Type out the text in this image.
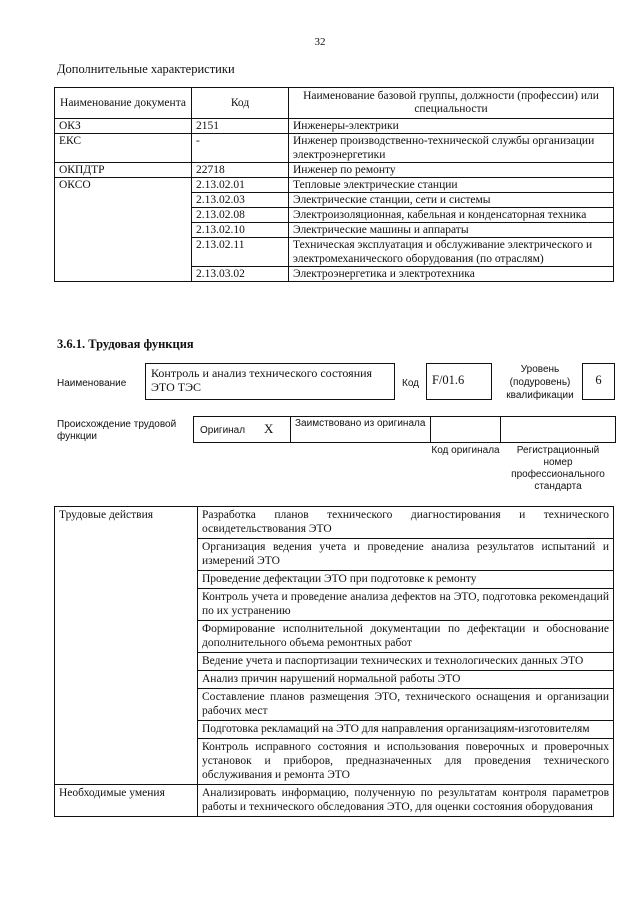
32
Дополнительные характеристики
Наименование документа	Код	Наименование базовой группы, должности (профессии) или специальности
ОКЗ	2151	Инженеры-электрики
ЕКС	-	Инженер производственно-технической службы организации электроэнергетики
ОКПДТР	22718	Инженер по ремонту
ОКСО	2.13.02.01	Тепловые электрические станции
	2.13.02.03	Электрические станции, сети и системы
	2.13.02.08	Электроизоляционная, кабельная и конденсаторная техника
	2.13.02.10	Электрические машины и аппараты
	2.13.02.11	Техническая эксплуатация и обслуживание электрического и электромеханического оборудования (по отраслям)
	2.13.03.02	Электроэнергетика и электротехника
3.6.1. Трудовая функция
Наименование
Контроль и анализ технического состояния ЭТО ТЭС	Код	F/01.6
Уровень (подуровень) квалификации
6
Происхождение трудовой функции
Оригинал X	Заимствовано из оригинала
Код оригинала	Регистрационный номер профессионального стандарта
Трудовые действия	Разработка планов технического диагностирования и технического освидетельствования ЭТО
	Организация ведения учета и проведение анализа результатов испытаний и измерений ЭТО
	Проведение дефектации ЭТО при подготовке к ремонту
	Контроль учета и проведение анализа дефектов на ЭТО, подготовка рекомендаций по их устранению
	Формирование исполнительной документации по дефектации и обоснование дополнительного объема ремонтных работ
	Ведение учета и паспортизации технических и технологических данных ЭТО
	Анализ причин нарушений нормальной работы ЭТО
	Составление планов размещения ЭТО, технического оснащения и организации рабочих мест
	Подготовка рекламаций на ЭТО для направления организациям-изготовителям
	Контроль исправного состояния и использования поверочных и проверочных установок и приборов, предназначенных для проведения технического обслуживания и ремонта ЭТО
Необходимые умения	Анализировать информацию, полученную по результатам контроля параметров работы и технического обследования ЭТО, для оценки состояния оборудования
